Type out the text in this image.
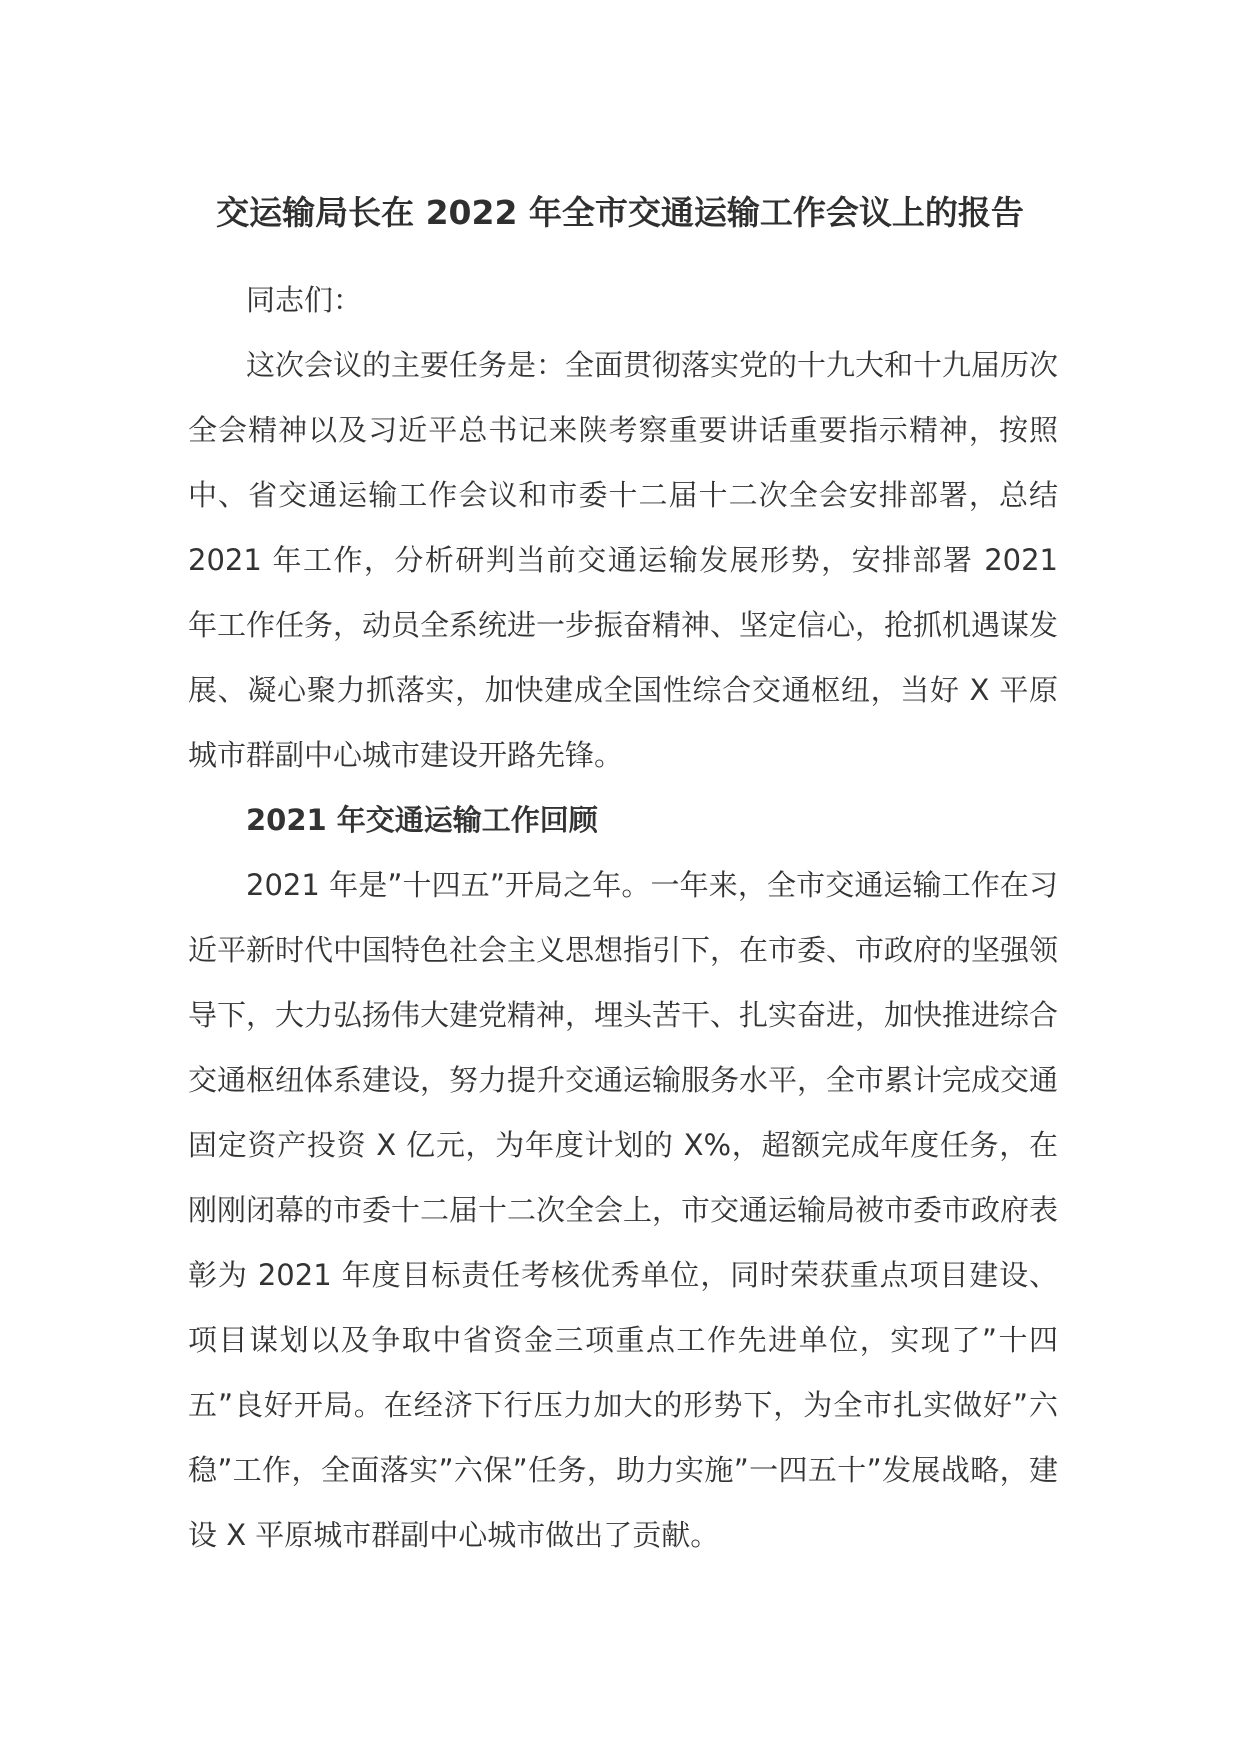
交运输局长在 2022 年全市交通运输工作会议上的报告

同志们：

这次会议的主要任务是：全面贯彻落实党的十九大和十九届历次全会精神以及习近平总书记来陕考察重要讲话重要指示精神，按照中、省交通运输工作会议和市委十二届十二次全会安排部署，总结 2021 年工作，分析研判当前交通运输发展形势，安排部署 2021 年工作任务，动员全系统进一步振奋精神、坚定信心，抢抓机遇谋发展、凝心聚力抓落实，加快建成全国性综合交通枢纽，当好 X 平原城市群副中心城市建设开路先锋。

2021 年交通运输工作回顾

2021 年是”十四五”开局之年。一年来，全市交通运输工作在习近平新时代中国特色社会主义思想指引下，在市委、市政府的坚强领导下，大力弘扬伟大建党精神，埋头苦干、扎实奋进，加快推进综合交通枢纽体系建设，努力提升交通运输服务水平，全市累计完成交通固定资产投资 X 亿元，为年度计划的 X%，超额完成年度任务，在刚刚闭幕的市委十二届十二次全会上，市交通运输局被市委市政府表彰为 2021 年度目标责任考核优秀单位，同时荣获重点项目建设、项目谋划以及争取中省资金三项重点工作先进单位，实现了”十四五”良好开局。在经济下行压力加大的形势下，为全市扎实做好”六稳”工作，全面落实”六保”任务，助力实施”一四五十”发展战略，建设 X 平原城市群副中心城市做出了贡献。
